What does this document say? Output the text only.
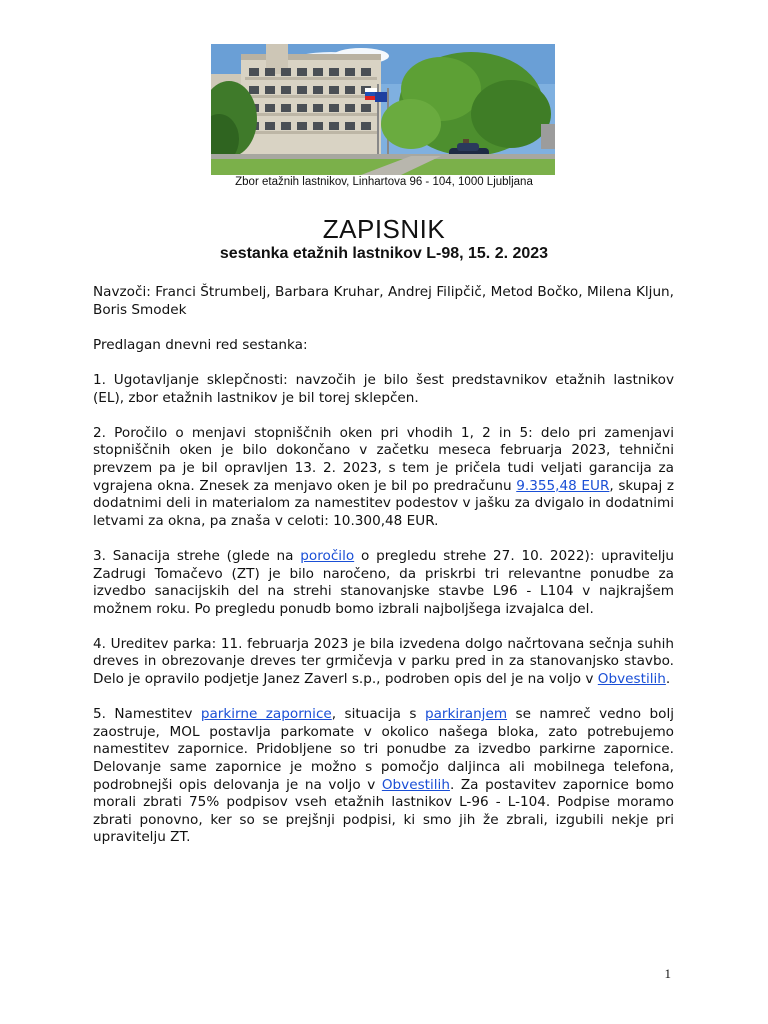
Zbor etažnih lastnikov, Linhartova 96 - 104, 1000 Ljubljana
ZAPISNIK
sestanka etažnih lastnikov L-98, 15. 2. 2023

Navzoči: Franci Štrumbelj, Barbara Kruhar, Andrej Filipčič, Metod Bočko, Milena Kljun, Boris Smodek

Predlagan dnevni red sestanka:

1. Ugotavljanje sklepčnosti: navzočih je bilo šest predstavnikov etažnih lastnikov (EL), zbor etažnih lastnikov je bil torej sklepčen.

2. Poročilo o menjavi stopniščnih oken pri vhodih 1, 2 in 5: delo pri zamenjavi stopniščnih oken je bilo dokončano v začetku meseca februarja 2023, tehnični prevzem pa je bil opravljen 13. 2. 2023, s tem je pričela tudi veljati garancija za vgrajena okna. Znesek za menjavo oken je bil po predračunu 9.355,48 EUR, skupaj z dodatnimi deli in materialom za namestitev podestov v jašku za dvigalo in dodatnimi letvami za okna, pa znaša v celoti: 10.300,48 EUR.

3. Sanacija strehe (glede na poročilo o pregledu strehe 27. 10. 2022): upravitelju Zadrugi Tomačevo (ZT) je bilo naročeno, da priskrbi tri relevantne ponudbe za izvedbo sanacijskih del na strehi stanovanjske stavbe L96 - L104 v najkrajšem možnem roku. Po pregledu ponudb bomo izbrali najboljšega izvajalca del.

4. Ureditev parka: 11. februarja 2023 je bila izvedena dolgo načrtovana sečnja suhih dreves in obrezovanje dreves ter grmičevja v parku pred in za stanovanjsko stavbo. Delo je opravilo podjetje Janez Zaverl s.p., podroben opis del je na voljo v Obvestilih.

5. Namestitev parkirne zapornice, situacija s parkiranjem se namreč vedno bolj zaostruje, MOL postavlja parkomate v okolico našega bloka, zato potrebujemo namestitev zapornice. Pridobljene so tri ponudbe za izvedbo parkirne zapornice. Delovanje same zapornice je možno s pomočjo daljinca ali mobilnega telefona, podrobnejši opis delovanja je na voljo v Obvestilih. Za postavitev zapornice bomo morali zbrati 75% podpisov vseh etažnih lastnikov L-96 - L-104. Podpise moramo zbrati ponovno, ker so se prejšnji podpisi, ki smo jih že zbrali, izgubili nekje pri upravitelju ZT.

1
